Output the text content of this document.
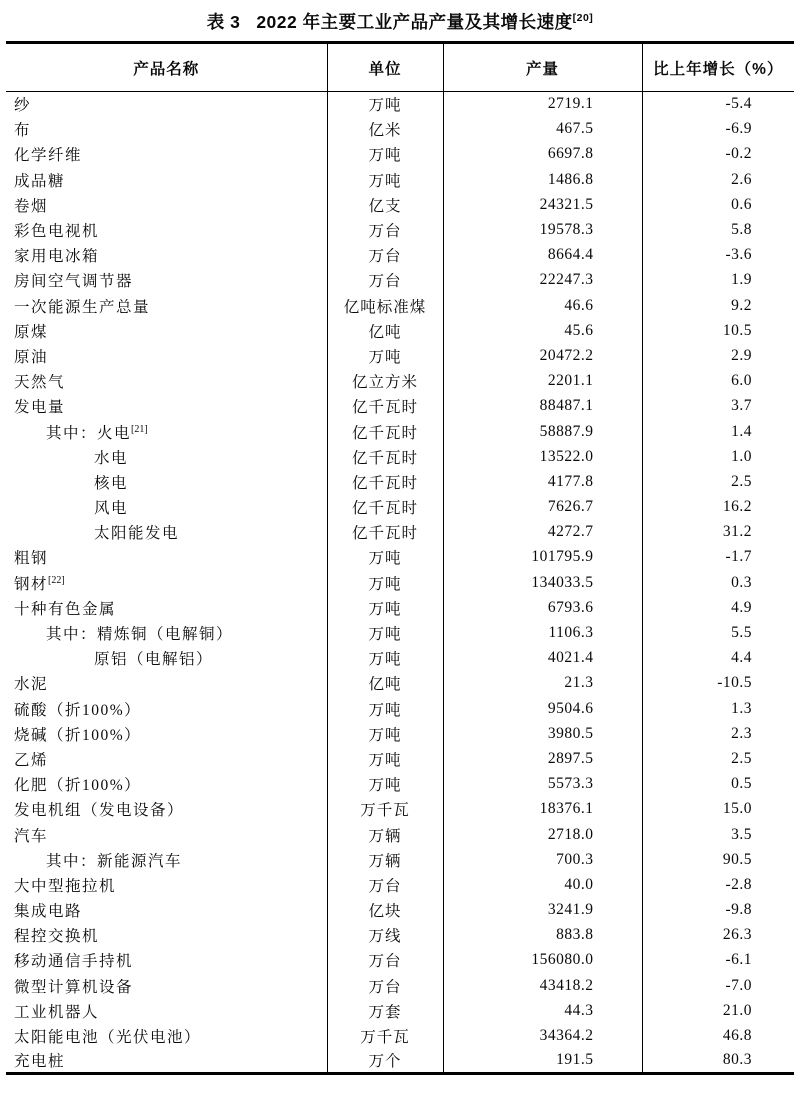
表 3 2022 年主要工业产品产量及其增长速度[20]
产品名称	单位	产量	比上年增长（%）
纱	万吨	2719.1	-5.4
布	亿米	467.5	-6.9
化学纤维	万吨	6697.8	-0.2
成品糖	万吨	1486.8	2.6
卷烟	亿支	24321.5	0.6
彩色电视机	万台	19578.3	5.8
家用电冰箱	万台	8664.4	-3.6
房间空气调节器	万台	22247.3	1.9
一次能源生产总量	亿吨标准煤	46.6	9.2
原煤	亿吨	45.6	10.5
原油	万吨	20472.2	2.9
天然气	亿立方米	2201.1	6.0
发电量	亿千瓦时	88487.1	3.7
其中：火电[21]	亿千瓦时	58887.9	1.4
水电	亿千瓦时	13522.0	1.0
核电	亿千瓦时	4177.8	2.5
风电	亿千瓦时	7626.7	16.2
太阳能发电	亿千瓦时	4272.7	31.2
粗钢	万吨	101795.9	-1.7
钢材[22]	万吨	134033.5	0.3
十种有色金属	万吨	6793.6	4.9
其中：精炼铜（电解铜）	万吨	1106.3	5.5
原铝（电解铝）	万吨	4021.4	4.4
水泥	亿吨	21.3	-10.5
硫酸（折100%）	万吨	9504.6	1.3
烧碱（折100%）	万吨	3980.5	2.3
乙烯	万吨	2897.5	2.5
化肥（折100%）	万吨	5573.3	0.5
发电机组（发电设备）	万千瓦	18376.1	15.0
汽车	万辆	2718.0	3.5
其中：新能源汽车	万辆	700.3	90.5
大中型拖拉机	万台	40.0	-2.8
集成电路	亿块	3241.9	-9.8
程控交换机	万线	883.8	26.3
移动通信手持机	万台	156080.0	-6.1
微型计算机设备	万台	43418.2	-7.0
工业机器人	万套	44.3	21.0
太阳能电池（光伏电池）	万千瓦	34364.2	46.8
充电桩	万个	191.5	80.3
